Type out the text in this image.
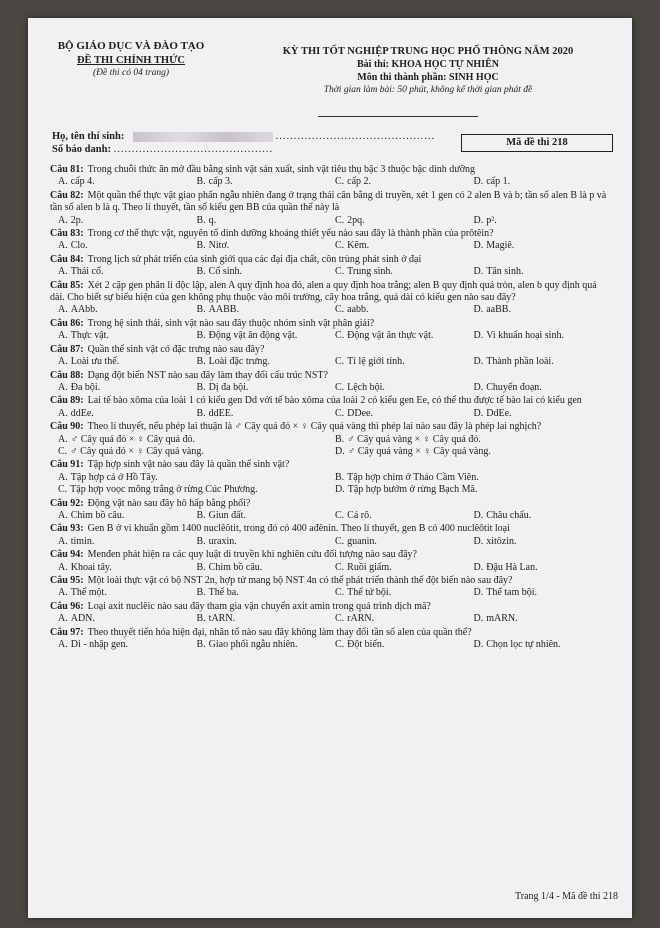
BỘ GIÁO DỤC VÀ ĐÀO TẠO
ĐỀ THI CHÍNH THỨC
(Đề thi có 04 trang)
KỲ THI TỐT NGHIỆP TRUNG HỌC PHỔ THÔNG NĂM 2020
Bài thi: KHOA HỌC TỰ NHIÊN
Môn thi thành phần: SINH HỌC
Thời gian làm bài: 50 phút, không kể thời gian phát đề
Họ, tên thí sinh:	............................................
Số báo danh: ............................................
Mã đề thi 218
Câu 81: Trong chuỗi thức ăn mở đầu bằng sinh vật sản xuất, sinh vật tiêu thụ bậc 3 thuộc bậc dinh dưỡng
A. cấp 4.	B. cấp 3.	C. cấp 2.	D. cấp 1.
Câu 82: Một quần thể thực vật giao phấn ngẫu nhiên đang ở trạng thái cân bằng di truyền, xét 1 gen có 2 alen B và b; tần số alen B là p và tần số alen b là q. Theo lí thuyết, tần số kiểu gen BB của quần thể này là
A. 2p.	B. q.	C. 2pq.	D. p².
Câu 83: Trong cơ thể thực vật, nguyên tố dinh dưỡng khoáng thiết yếu nào sau đây là thành phần của prôtêin?
A. Clo.	B. Nitơ.	C. Kẽm.	D. Magiê.
Câu 84: Trong lịch sử phát triển của sinh giới qua các đại địa chất, côn trùng phát sinh ở đại
A. Thái cổ.	B. Cổ sinh.	C. Trung sinh.	D. Tân sinh.
Câu 85: Xét 2 cặp gen phân li độc lập, alen A quy định hoa đỏ, alen a quy định hoa trắng; alen B quy định quả tròn, alen b quy định quả dài. Cho biết sự biểu hiện của gen không phụ thuộc vào môi trường, cây hoa trắng, quả dài có kiểu gen nào sau đây?
A. AAbb.	B. AABB.	C. aabb.	D. aaBB.
Câu 86: Trong hệ sinh thái, sinh vật nào sau đây thuộc nhóm sinh vật phân giải?
A. Thực vật.	B. Động vật ăn động vật.	C. Động vật ăn thực vật.	D. Vi khuẩn hoại sinh.
Câu 87: Quần thể sinh vật có đặc trưng nào sau đây?
A. Loài ưu thế.	B. Loài đặc trưng.	C. Tỉ lệ giới tính.	D. Thành phần loài.
Câu 88: Dạng đột biến NST nào sau đây làm thay đổi cấu trúc NST?
A. Đa bội.	B. Dị đa bội.	C. Lệch bội.	D. Chuyển đoạn.
Câu 89: Lai tế bào xôma của loài 1 có kiểu gen Dd với tế bào xôma của loài 2 có kiểu gen Ee, có thể thu được tế bào lai có kiểu gen
A. ddEe.	B. ddEE.	C. DDee.	D. DdEe.
Câu 90: Theo lí thuyết, nếu phép lai thuận là ♂ Cây quả đỏ × ♀ Cây quả vàng thì phép lai nào sau đây là phép lai nghịch?
A. ♂ Cây quả đỏ × ♀ Cây quả đỏ.	B. ♂ Cây quả vàng × ♀ Cây quả đỏ.
C. ♂ Cây quả đỏ × ♀ Cây quả vàng.	D. ♂ Cây quả vàng × ♀ Cây quả vàng.
Câu 91: Tập hợp sinh vật nào sau đây là quần thể sinh vật?
A. Tập hợp cá ở Hồ Tây.	B. Tập hợp chim ở Thảo Cầm Viên.
C. Tập hợp voọc mông trắng ở rừng Cúc Phương.	D. Tập hợp bướm ở rừng Bạch Mã.
Câu 92: Động vật nào sau đây hô hấp bằng phổi?
A. Chim bồ câu.	B. Giun đất.	C. Cá rô.	D. Châu chấu.
Câu 93: Gen B ở vi khuẩn gồm 1400 nuclêôtit, trong đó có 400 ađênin. Theo lí thuyết, gen B có 400 nuclêôtit loại
A. timin.	B. uraxin.	C. guanin.	D. xitôzin.
Câu 94: Menđen phát hiện ra các quy luật di truyền khi nghiên cứu đối tượng nào sau đây?
A. Khoai tây.	B. Chim bồ câu.	C. Ruồi giấm.	D. Đậu Hà Lan.
Câu 95: Một loài thực vật có bộ NST 2n, hợp tử mang bộ NST 4n có thể phát triển thành thể đột biến nào sau đây?
A. Thể một.	B. Thể ba.	C. Thể tứ bội.	D. Thể tam bội.
Câu 96: Loại axit nuclêic nào sau đây tham gia vận chuyển axit amin trong quá trình dịch mã?
A. ADN.	B. tARN.	C. rARN.	D. mARN.
Câu 97: Theo thuyết tiến hóa hiện đại, nhân tố nào sau đây không làm thay đổi tần số alen của quần thể?
A. Di - nhập gen.	B. Giao phối ngẫu nhiên.	C. Đột biến.	D. Chọn lọc tự nhiên.
Trang 1/4 - Mã đề thi 218
